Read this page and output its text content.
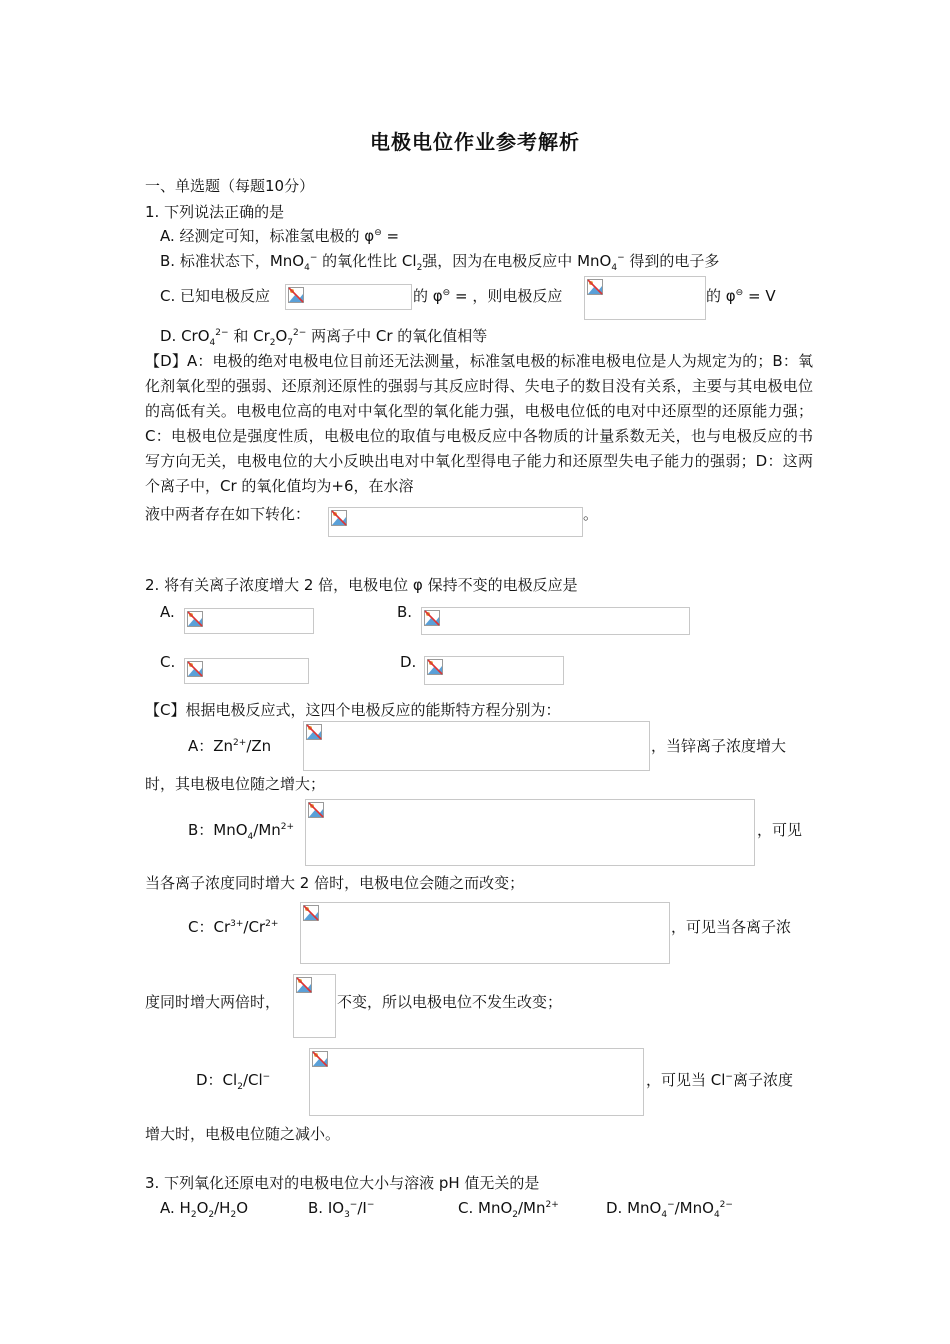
电极电位作业参考解析
一、单选题（每题10分）
1. 下列说法正确的是
A. 经测定可知，标准氢电极的 φ⊖ =
B. 标准状态下，MnO$_4$− 的氧化性比 $Cl_2$强，因为在电极反应中 MnO$_4$− 得到的电子多
C. 已知电极反应	的 φ⊖ = ，则电极反应	的 φ⊖ = V
D. CrO$_4^{2-}$ 和 $Cr_2O_7^{2-}$ 两离子中 Cr 的氧化值相等
【D】A：电极的绝对电极电位目前还无法测量，标准氢电极的标准电极电位是人为规定为的；B：氧化剂氧化型的强弱、还原剂还原性的强弱与其反应时得、失电子的数目没有关系，主要与其电极电位的高低有关。电极电位高的电对中氧化型的氧化能力强，电极电位低的电对中还原型的还原能力强；C：电极电位是强度性质，电极电位的取值与电极反应中各物质的计量系数无关，也与电极反应的书写方向无关，电极电位的大小反映出电对中氧化型得电子能力和还原型失电子能力的强弱；D：这两个离子中，Cr 的氧化值均为+6，在水溶
液中两者存在如下转化：	。
2. 将有关离子浓度增大 2 倍，电极电位 φ 保持不变的电极反应是
A.	B.
C.	D.
【C】根据电极反应式，这四个电极反应的能斯特方程分别为：
A：$Zn^{2+}/Zn$	，当锌离子浓度增大
时，其电极电位随之增大；
B：$MnO_4/Mn^{2+}$	，可见
当各离子浓度同时增大 2 倍时，电极电位会随之而改变；
C：$Cr^{3+}/Cr^{2+}$	，可见当各离子浓
度同时增大两倍时，	不变，所以电极电位不发生改变；
D：$Cl_2/Cl^-$	，可见当 Cl−离子浓度
增大时，电极电位随之减小。
3. 下列氧化还原电对的电极电位大小与溶液 pH 值无关的是
A. $H_2O_2/H_2O$	B. $IO_3^-/I^-$	C. $MnO_2/Mn^{2+}$	D. MnO$_4$−/MnO$_4^{2-}$
